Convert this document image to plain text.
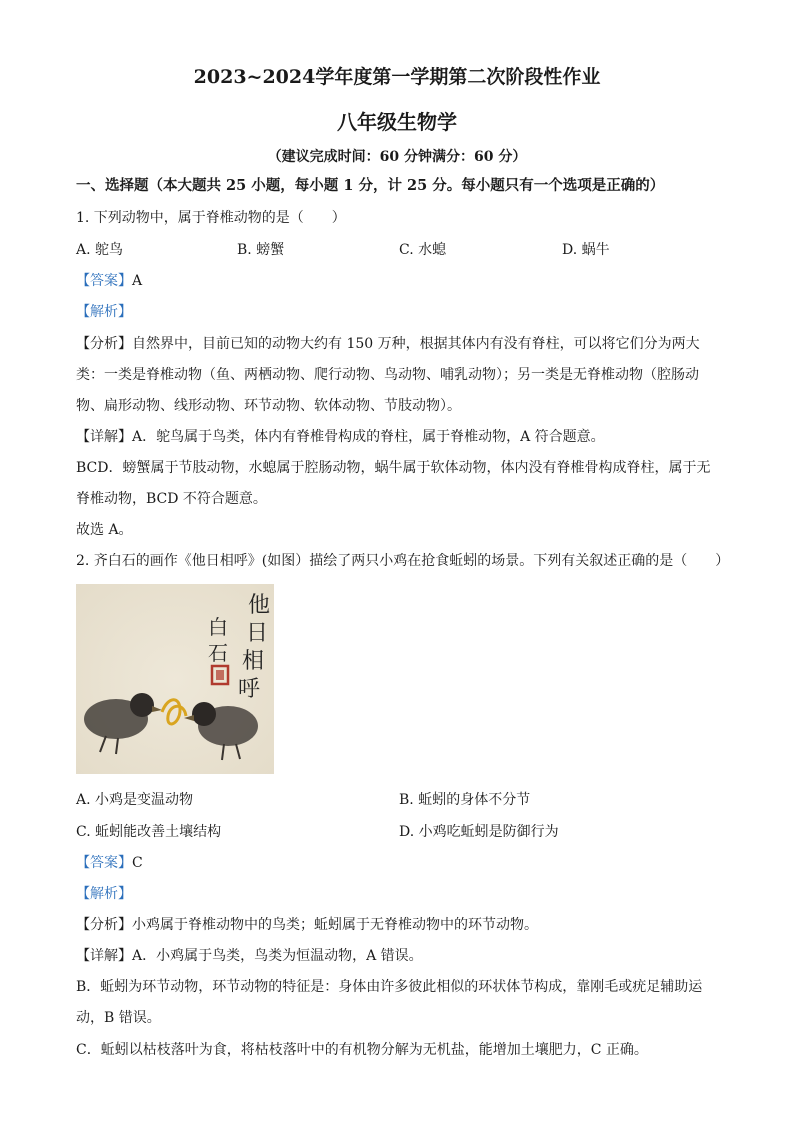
2023~2024学年度第一学期第二次阶段性作业
八年级生物学
（建议完成时间：60 分钟满分：60 分）
一、选择题（本大题共 25 小题，每小题 1 分，计 25 分。每小题只有一个选项是正确的）
1. 下列动物中，属于脊椎动物的是（　　）
A. 鸵鸟	B. 螃蟹	C. 水螅	D. 蜗牛
【答案】A
【解析】
【分析】自然界中，目前已知的动物大约有 150 万种，根据其体内有没有脊柱，可以将它们分为两大
类：一类是脊椎动物（鱼、两栖动物、爬行动物、鸟动物、哺乳动物）；另一类是无脊椎动物（腔肠动
物、扁形动物、线形动物、环节动物、软体动物、节肢动物）。
【详解】A．鸵鸟属于鸟类，体内有脊椎骨构成的脊柱，属于脊椎动物，A 符合题意。
BCD．螃蟹属于节肢动物，水螅属于腔肠动物，蜗牛属于软体动物，体内没有脊椎骨构成脊柱，属于无
脊椎动物，BCD 不符合题意。
故选 A。
2. 齐白石的画作《他日相呼》(如图）描绘了两只小鸡在抢食蚯蚓的场景。下列有关叙述正确的是（　　）
他
日
相
呼
白
石
A. 小鸡是变温动物	B. 蚯蚓的身体不分节
C. 蚯蚓能改善土壤结构	D. 小鸡吃蚯蚓是防御行为
【答案】C
【解析】
【分析】小鸡属于脊椎动物中的鸟类；蚯蚓属于无脊椎动物中的环节动物。
【详解】A．小鸡属于鸟类，鸟类为恒温动物，A 错误。
B．蚯蚓为环节动物，环节动物的特征是：身体由许多彼此相似的环状体节构成，靠刚毛或疣足辅助运
动，B 错误。
C．蚯蚓以枯枝落叶为食，将枯枝落叶中的有机物分解为无机盐，能增加土壤肥力，C 正确。
